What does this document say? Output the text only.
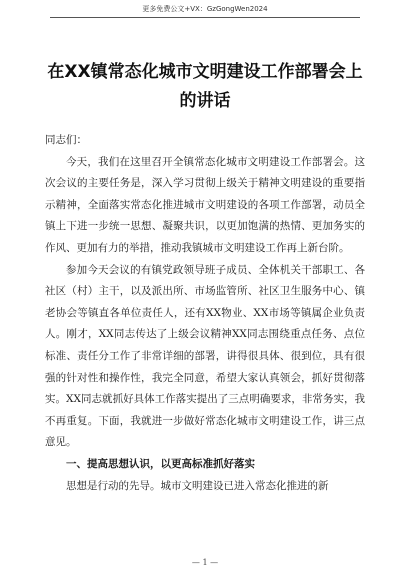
更多免费公文+VX：GzGongWen2024
在XX镇常态化城市文明建设工作部署会上的讲话

同志们：

今天，我们在这里召开全镇常态化城市文明建设工作部署会。这次会议的主要任务是，深入学习贯彻上级关于精神文明建设的重要指示精神，全面落实常态化推进城市文明建设的各项工作部署，动员全镇上下进一步统一思想、凝聚共识，以更加饱满的热情、更加务实的作风、更加有力的举措，推动我镇城市文明建设工作再上新台阶。

参加今天会议的有镇党政领导班子成员、全体机关干部职工、各社区（村）主干，以及派出所、市场监管所、社区卫生服务中心、镇老协会等镇直各单位责任人，还有XX物业、XX市场等镇属企业负责人。刚才，XX同志传达了上级会议精神XX同志围绕重点任务、点位标准、责任分工作了非常详细的部署，讲得很具体、很到位，具有很强的针对性和操作性，我完全同意，希望大家认真领会，抓好贯彻落实。XX同志就抓好具体工作落实提出了三点明确要求，非常务实，我不再重复。下面，我就进一步做好常态化城市文明建设工作，讲三点意见。

一、提高思想认识，以更高标准抓好落实

思想是行动的先导。城市文明建设已进入常态化推进的新

— 1 —
